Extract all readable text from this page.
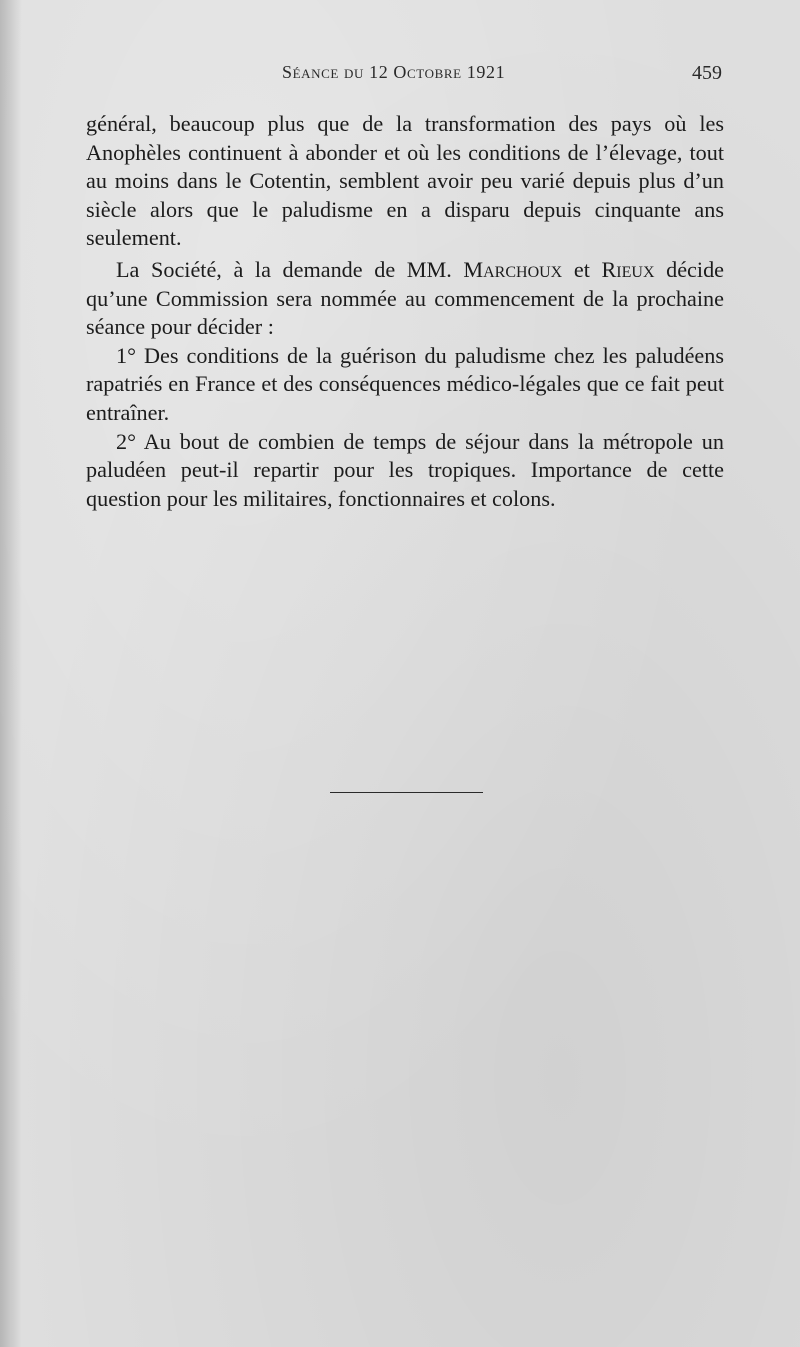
Séance du 12 Octobre 1921	459

général, beaucoup plus que de la transformation des pays où les Anophèles continuent à abonder et où les conditions de l’élevage, tout au moins dans le Cotentin, semblent avoir peu varié depuis plus d’un siècle alors que le paludisme en a disparu depuis cinquante ans seulement.

La Société, à la demande de MM. Marchoux et Rieux décide qu’une Commission sera nommée au commencement de la prochaine séance pour décider :

1° Des conditions de la guérison du paludisme chez les paludéens rapatriés en France et des conséquences médico-légales que ce fait peut entraîner.

2° Au bout de combien de temps de séjour dans la métropole un paludéen peut-il repartir pour les tropiques. Importance de cette question pour les militaires, fonctionnaires et colons.
